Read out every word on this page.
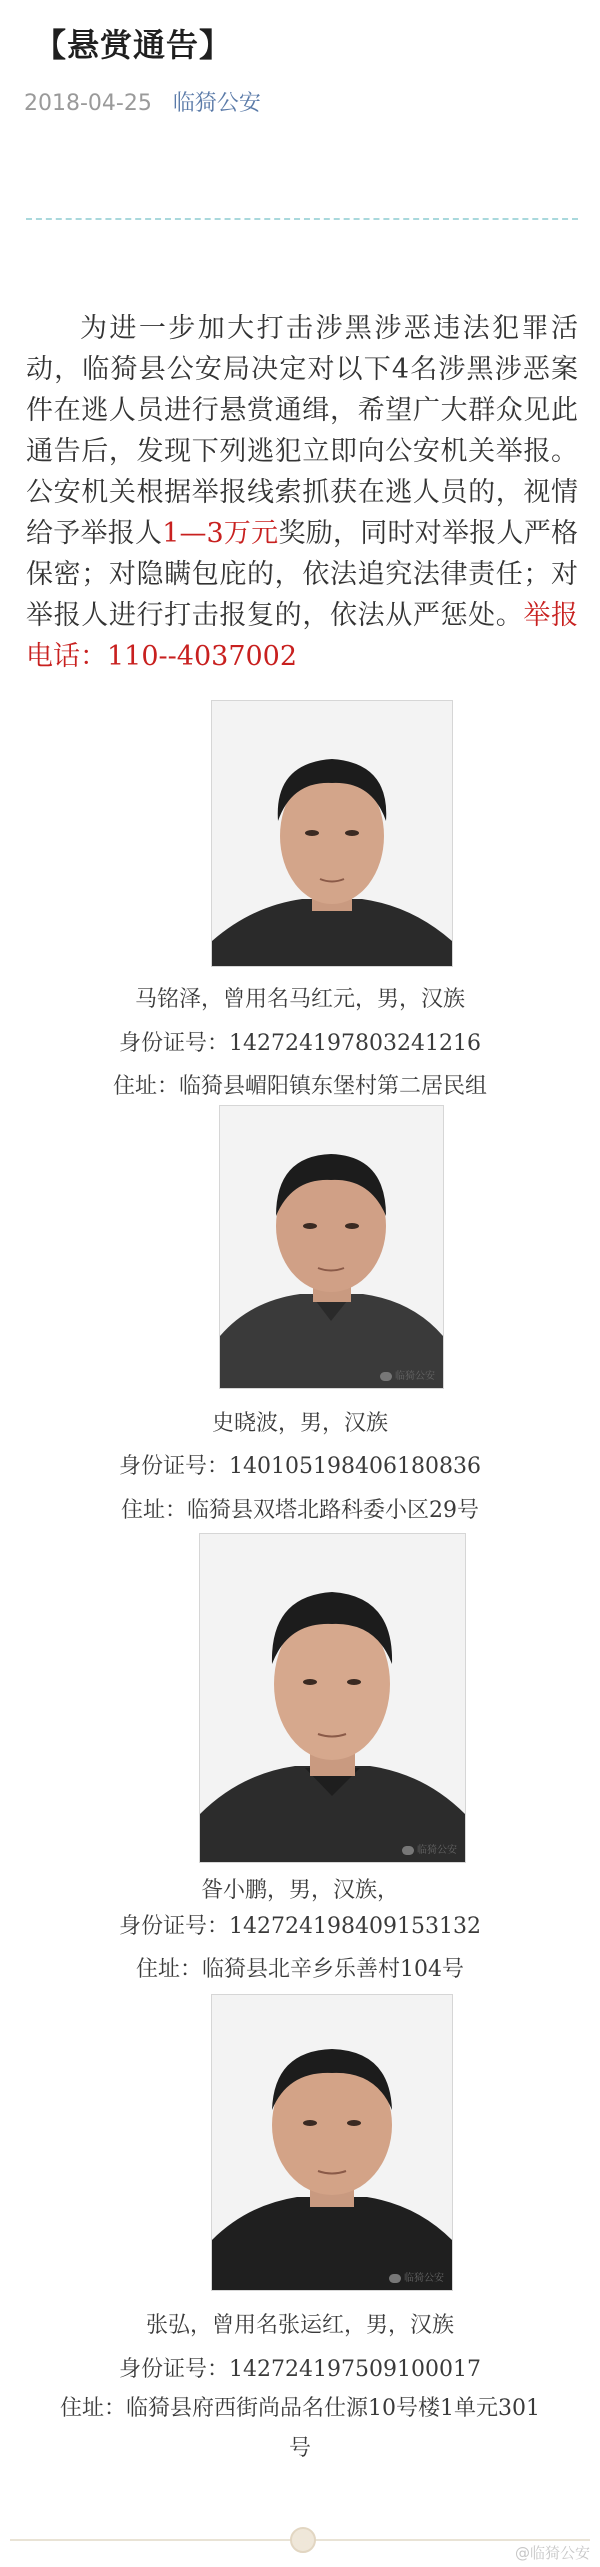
【悬赏通告】
2018-04-25 临猗公安

为进一步加大打击涉黑涉恶违法犯罪活动，临猗县公安局决定对以下4名涉黑涉恶案件在逃人员进行悬赏通缉，希望广大群众见此通告后，发现下列逃犯立即向公安机关举报。公安机关根据举报线索抓获在逃人员的，视情给予举报人1—3万元奖励，同时对举报人严格保密；对隐瞒包庇的，依法追究法律责任；对举报人进行打击报复的，依法从严惩处。举报电话：110--4037002

马铭泽，曾用名马红元，男，汉族
身份证号：142724197803241216
住址：临猗县嵋阳镇东堡村第二居民组
临猗公安
史晓波，男，汉族
身份证号：140105198406180836
住址：临猗县双塔北路科委小区29号
临猗公安
昝小鹏，男，汉族，
身份证号：142724198409153132
住址：临猗县北辛乡乐善村104号
临猗公安
张弘，曾用名张运红，男，汉族
身份证号：142724197509100017
住址：临猗县府西街尚品名仕源10号楼1单元301号
@临猗公安
